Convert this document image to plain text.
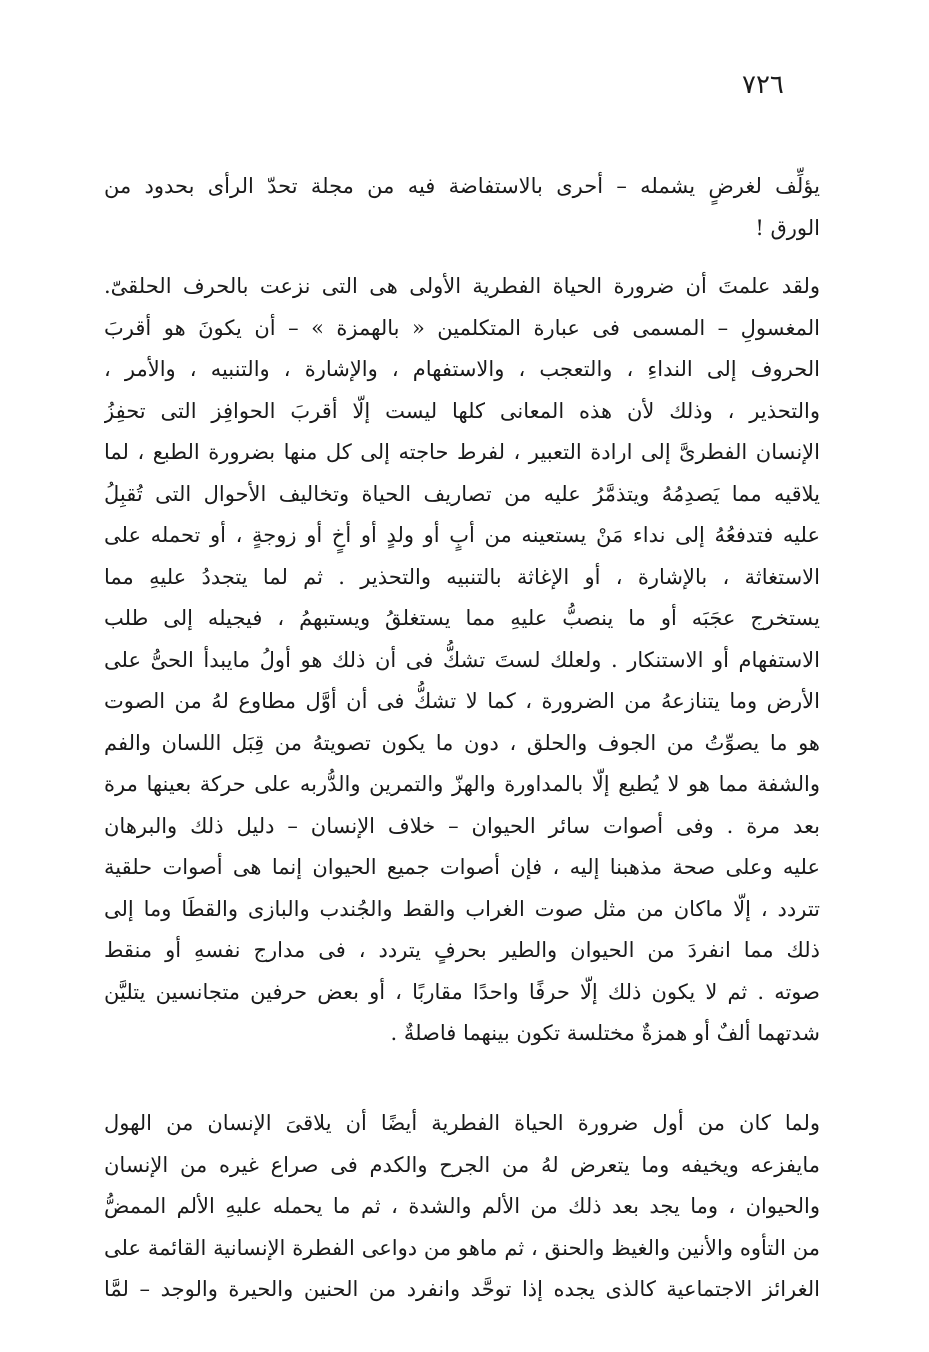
٧٢٦
يؤلِّف لغرضٍ يشمله – أحرى بالاستفاضة فيه من مجلة تحدّ الرأى بحدود من
الورق !
ولقد علمتَ أن ضرورة الحياة الفطرية الأولى هى التى نزعت بالحرف الحلقىّ.
المغسولِ – المسمى فى عبارة المتكلمين « بالهمزة » – أن يكونَ هو أقربَ
الحروف إلى النداءِ ، والتعجب ، والاستفهام ، والإشارة ، والتنبيه ، والأمر ،
والتحذير ، وذلك لأن هذه المعانى كلها ليست إلّا أقربَ الحوافِز التى تحفِزُ
الإنسان الفطرىَّ إلى ارادة التعبير ، لفرط حاجته إلى كل منها بضرورة الطبع ، لما
يلاقيه مما يَصدِمُهُ ويتذمَّرُ عليه من تصاريف الحياة وتخاليف الأحوال التى تُقبِلُ
عليه فتدفعُهُ إلى نداء مَنْ يستعينه من أبٍ أو ولدٍ أو أخٍ أو زوجةٍ ، أو تحمله على
الاستغاثة ، بالإشارة ، أو الإغاثة بالتنبيه والتحذير . ثم لما يتجددُ عليهِ مما
يستخرج عجَبَه أو ما ينصبُّ عليهِ مما يستغلقُ ويستبهمُ ، فيجيله إلى طلب
الاستفهام أو الاستنكار . ولعلك لستَ تشكُّ فى أن ذلك هو أولُ مايبدأ الحىُّ على
الأرض وما يتنازعهُ من الضرورة ، كما لا تشكُّ فى أن أوَّل مطاوع لهُ من الصوت
هو ما يصوِّتُ من الجوف والحلق ، دون ما يكون تصويتهُ من قِبَل اللسان والفم
والشفة مما هو لا يُطيع إلّا بالمداورة والهزّ والتمرين والدُّربه على حركة بعينها مرة
بعد مرة . وفى أصوات سائر الحيوان – خلاف الإنسان – دليل ذلك والبرهان
عليه وعلى صحة مذهبنا إليه ، فإن أصوات جميع الحيوان إنما هى أصوات حلقية
تتردد ، إلّا ماكان من مثل صوت الغراب والقط والجُندب والبازى والقطَا وما إلى
ذلك مما انفردَ من الحيوان والطير بحرفٍ يتردد ، فى مدارج نفسهِ أو منقط
صوته . ثم لا يكون ذلك إلّا حرفًا واحدًا مقاربًا ، أو بعض حرفين متجانسين يتليَّن
شدتهما ألفٌ أو همزةٌ مختلسة تكون بينهما فاصلةٌ .
ولما كان من أول ضرورة الحياة الفطرية أيضًا أن يلاقىَ الإنسان من الهول
مايفزعه ويخيفه وما يتعرض لهُ من الجرح والكدم فى صراع غيره من الإنسان
والحيوان ، وما يجد بعد ذلك من الألم والشدة ، ثم ما يحمله عليهِ الألم الممضُّ
من التأوه والأنين والغيظ والحنق ، ثم ماهو من دواعى الفطرة الإنسانية القائمة على
الغرائز الاجتماعية كالذى يجده إذا توحَّد وانفرد من الحنين والحيرة والوجد – لمَّا
